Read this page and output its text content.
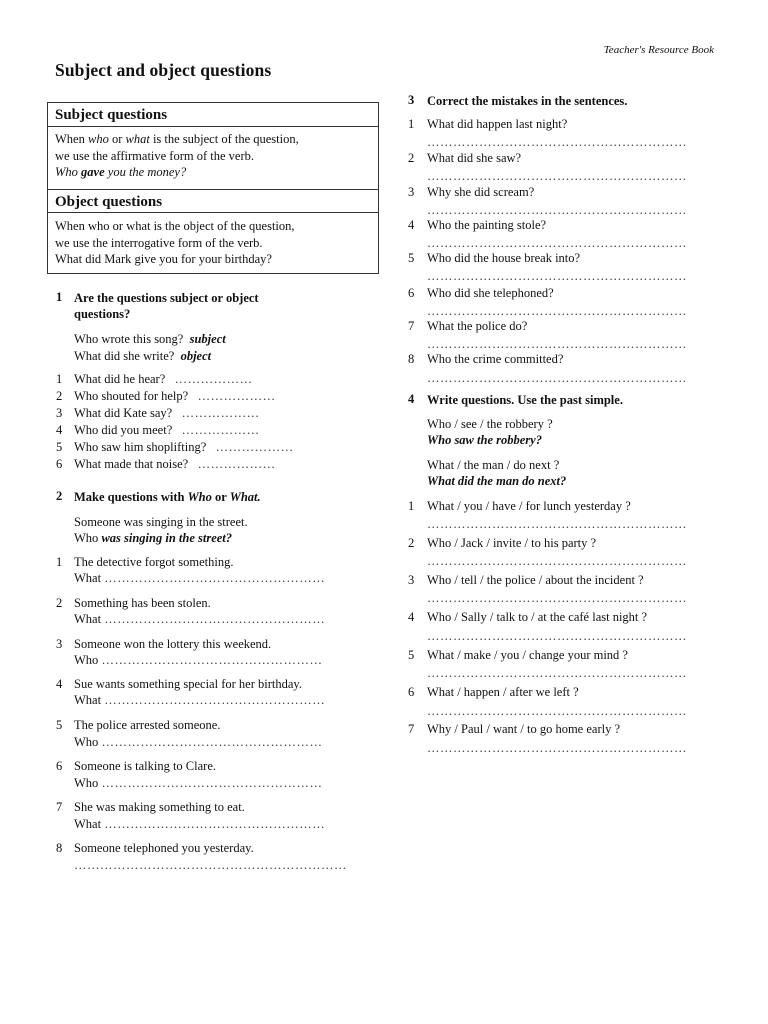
Teacher's Resource Book
Subject and object questions
Subject questions
When who or what is the subject of the question,
we use the affirmative form of the verb.
Who gave you the money?
Object questions
When who or what is the object of the question,
we use the interrogative form of the verb.
What did Mark give you for your birthday?
1 Are the questions subject or object
questions?
Who wrote this song? subject
What did she write? object
1 What did he hear? ………………
2 Who shouted for help? ………………
3 What did Kate say? ………………
4 Who did you meet? ………………
5 Who saw him shoplifting? ………………
6 What made that noise? ………………
2 Make questions with Who or What.
Someone was singing in the street.
Who was singing in the street?
1 The detective forgot something.
What ……………………………………………
2 Something has been stolen.
What ……………………………………………
3 Someone won the lottery this weekend.
Who ……………………………………………
4 Sue wants something special for her birthday.
What ……………………………………………
5 The police arrested someone.
Who ……………………………………………
6 Someone is talking to Clare.
Who ……………………………………………
7 She was making something to eat.
What ……………………………………………
8 Someone telephoned you yesterday.
………………………………………………………
3 Correct the mistakes in the sentences.
1 What did happen last night?
……………………………………………………
2 What did she saw?
……………………………………………………
3 Why she did scream?
……………………………………………………
4 Who the painting stole?
……………………………………………………
5 Who did the house break into?
……………………………………………………
6 Who did she telephoned?
……………………………………………………
7 What the police do?
……………………………………………………
8 Who the crime committed?
……………………………………………………
4 Write questions. Use the past simple.
Who / see / the robbery ?
Who saw the robbery?
What / the man / do next ?
What did the man do next?
1 What / you / have / for lunch yesterday ?
……………………………………………………
2 Who / Jack / invite / to his party ?
……………………………………………………
3 Who / tell / the police / about the incident ?
……………………………………………………
4 Who / Sally / talk to / at the café last night ?
……………………………………………………
5 What / make / you / change your mind ?
……………………………………………………
6 What / happen / after we left ?
……………………………………………………
7 Why / Paul / want / to go home early ?
……………………………………………………
